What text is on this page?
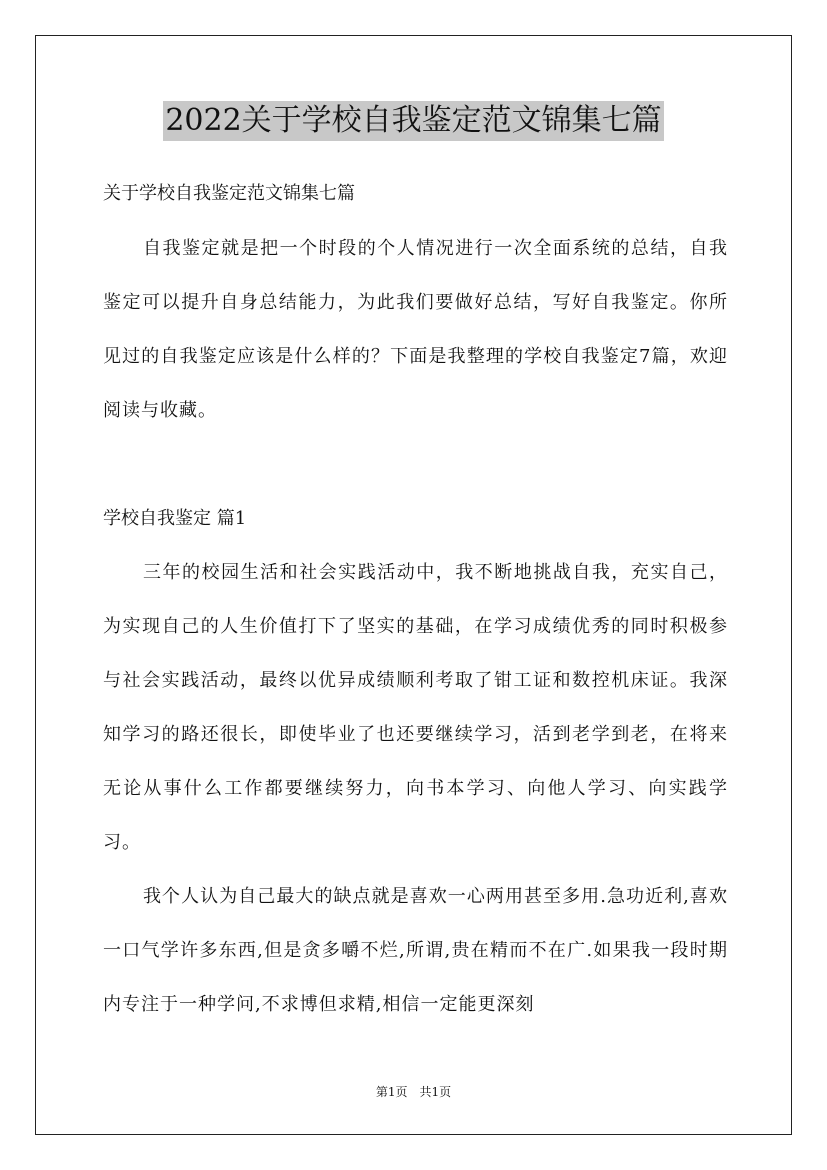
2022关于学校自我鉴定范文锦集七篇
关于学校自我鉴定范文锦集七篇
自我鉴定就是把一个时段的个人情况进行一次全面系统的总结，自我鉴定可以提升自身总结能力，为此我们要做好总结，写好自我鉴定。你所见过的自我鉴定应该是什么样的？下面是我整理的学校自我鉴定7篇，欢迎阅读与收藏。
学校自我鉴定 篇1
三年的校园生活和社会实践活动中，我不断地挑战自我，充实自己，为实现自己的人生价值打下了坚实的基础，在学习成绩优秀的同时积极参与社会实践活动，最终以优异成绩顺利考取了钳工证和数控机床证。我深知学习的路还很长，即使毕业了也还要继续学习，活到老学到老，在将来无论从事什么工作都要继续努力，向书本学习、向他人学习、向实践学习。
我个人认为自己最大的缺点就是喜欢一心两用甚至多用.急功近利,喜欢一口气学许多东西,但是贪多嚼不烂,所谓,贵在精而不在广.如果我一段时期内专注于一种学问,不求博但求精,相信一定能更深刻
第1页　共1页
